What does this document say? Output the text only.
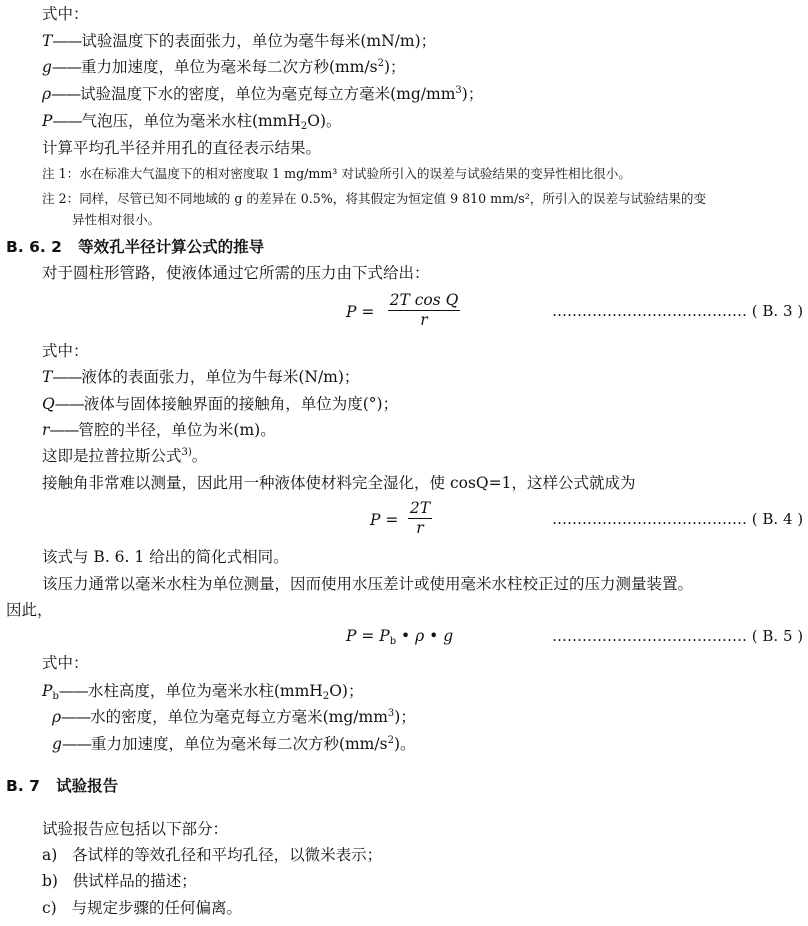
式中：
T——试验温度下的表面张力，单位为毫牛每米(mN/m)；
g——重力加速度，单位为毫米每二次方秒$(mm/s^2)$；
ρ——试验温度下水的密度，单位为毫克每立方毫米$(mg/mm^3)$；
P——气泡压，单位为毫米水柱(mmH$_2$O)。
计算平均孔半径并用孔的直径表示结果。
注 1：水在标准大气温度下的相对密度取 1 mg/mm³ 对试验所引入的误差与试验结果的变异性相比很小。
注 2：同样，尽管已知不同地域的 g 的差异在 0.5%，将其假定为恒定值 9 810 mm/s²，所引入的误差与试验结果的变
异性相对很小。
B. 6. 2 等效孔半径计算公式的推导
对于圆柱形管路，使液体通过它所需的压力由下式给出：
P =
2T cos Q
r	………………………………… ( B. 3 )
式中：
T——液体的表面张力，单位为牛每米(N/m)；
Q——液体与固体接触界面的接触角，单位为度(°)；
r——管腔的半径，单位为米(m)。
这即是拉普拉斯公式$^{3)}$。
接触角非常难以测量，因此用一种液体使材料完全湿化，使 cosQ=1，这样公式就成为
P =
2T
r	………………………………… ( B. 4 )
该式与 B. 6. 1 给出的简化式相同。
该压力通常以毫米水柱为单位测量，因而使用水压差计或使用毫米水柱校正过的压力测量装置。
因此，
$P = P_b$ • ρ • g	………………………………… ( B. 5 )
式中：
$P_b——$水柱高度，单位为毫米水柱(mmH$_2$O)；
ρ——水的密度，单位为毫克每立方毫米$(mg/mm^3)$；
g——重力加速度，单位为毫米每二次方秒$(mm/s^2)$。
B. 7 试验报告
试验报告应包括以下部分：
a) 各试样的等效孔径和平均孔径，以微米表示；
b) 供试样品的描述；
c) 与规定步骤的任何偏离。
